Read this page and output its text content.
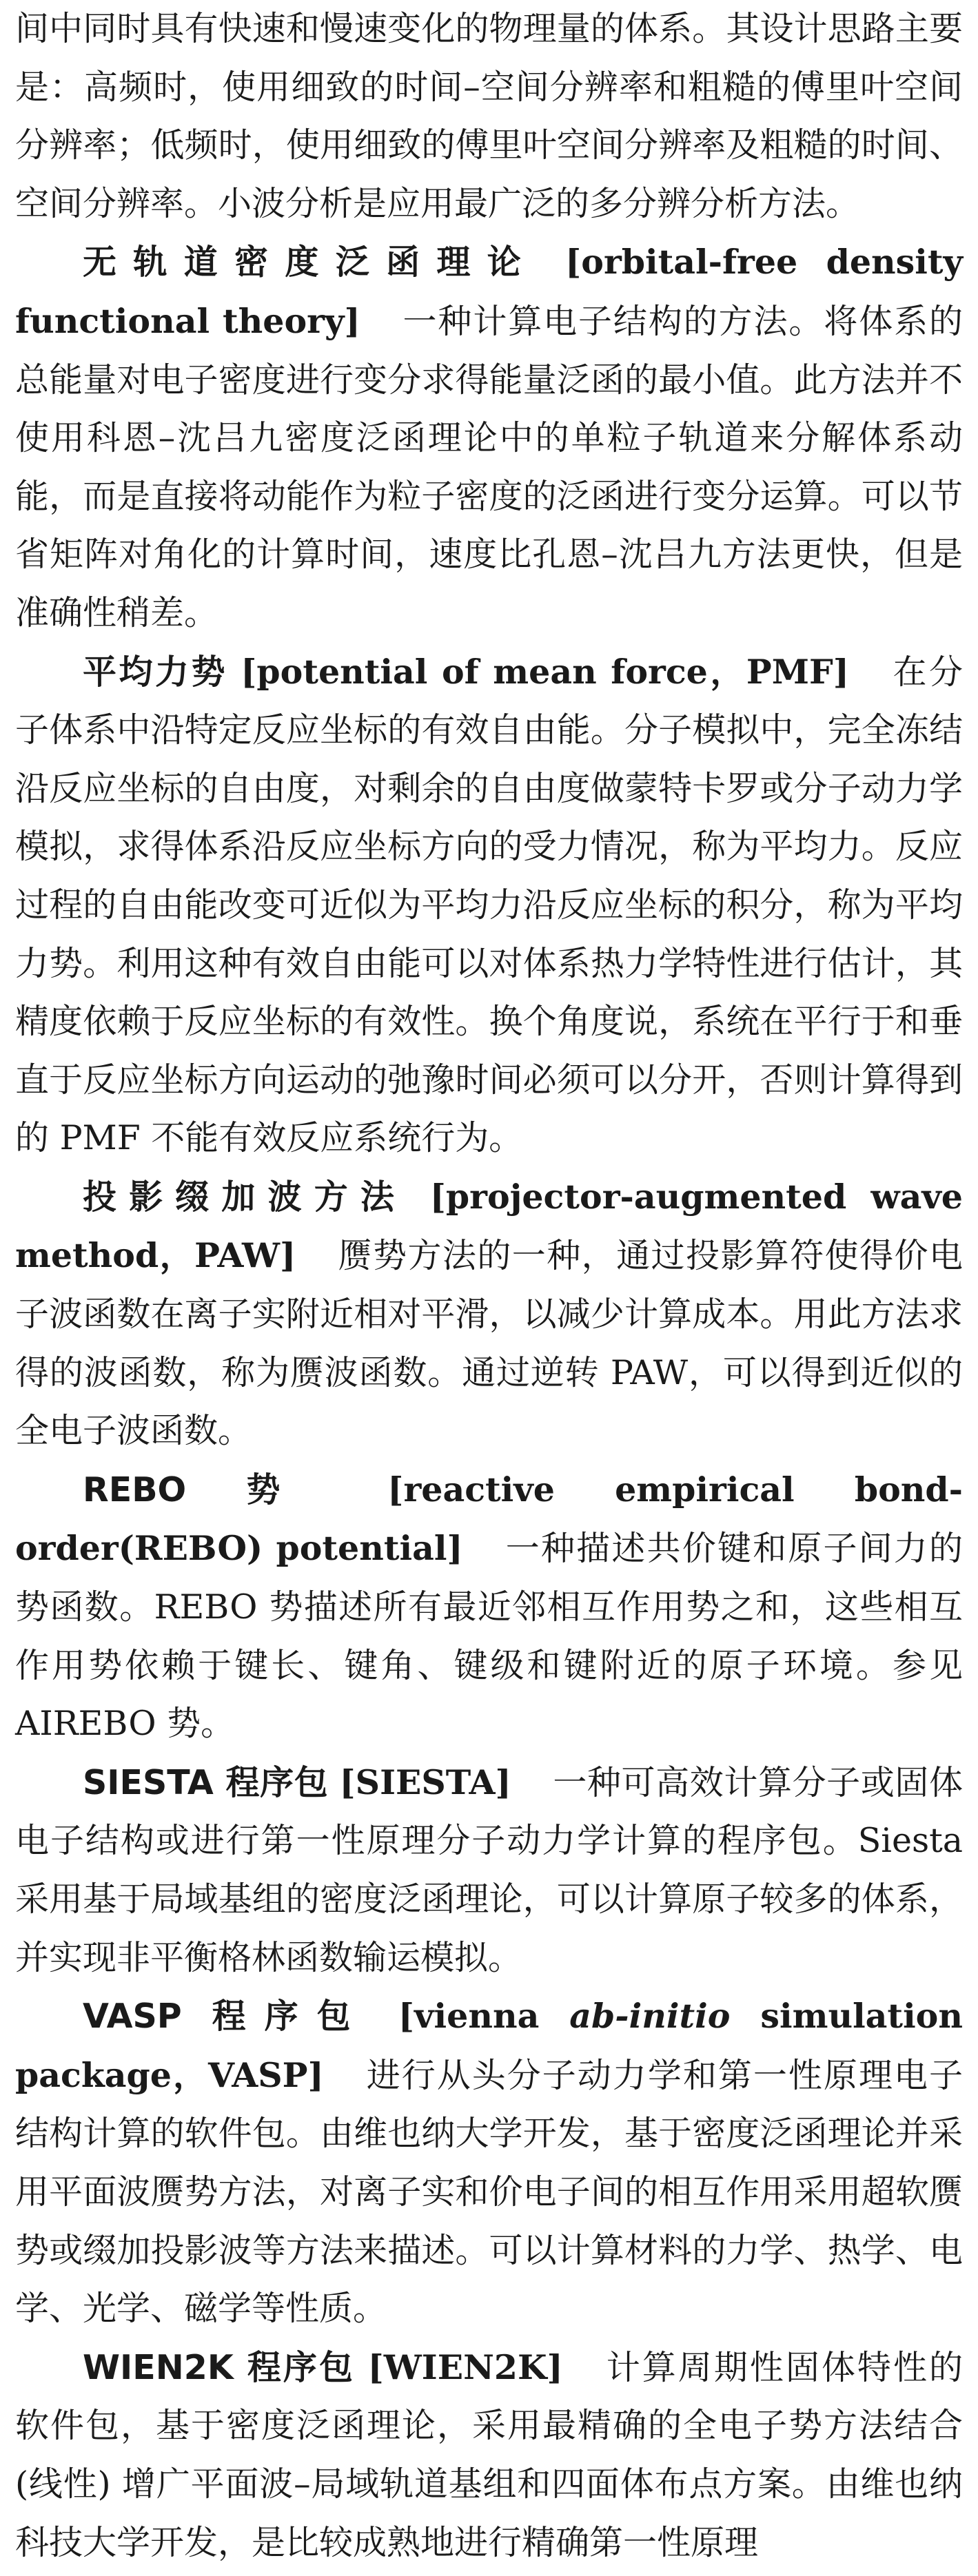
间中同时具有快速和慢速变化的物理量的体系。其设计思路主要是：高频时，使用细致的时间–空间分辨率和粗糙的傅里叶空间分辨率；低频时，使用细致的傅里叶空间分辨率及粗糙的时间、空间分辨率。小波分析是应用最广泛的多分辨分析方法。

无轨道密度泛函理论 [orbital-free density functional theory] 一种计算电子结构的方法。将体系的总能量对电子密度进行变分求得能量泛函的最小值。此方法并不使用科恩–沈吕九密度泛函理论中的单粒子轨道来分解体系动能，而是直接将动能作为粒子密度的泛函进行变分运算。可以节省矩阵对角化的计算时间，速度比孔恩–沈吕九方法更快，但是准确性稍差。

平均力势 [potential of mean force，PMF] 在分子体系中沿特定反应坐标的有效自由能。分子模拟中，完全冻结沿反应坐标的自由度，对剩余的自由度做蒙特卡罗或分子动力学模拟，求得体系沿反应坐标方向的受力情况，称为平均力。反应过程的自由能改变可近似为平均力沿反应坐标的积分，称为平均力势。利用这种有效自由能可以对体系热力学特性进行估计，其精度依赖于反应坐标的有效性。换个角度说，系统在平行于和垂直于反应坐标方向运动的弛豫时间必须可以分开，否则计算得到的 PMF 不能有效反应系统行为。

投影缀加波方法 [projector-augmented wave method，PAW] 赝势方法的一种，通过投影算符使得价电子波函数在离子实附近相对平滑，以减少计算成本。用此方法求得的波函数，称为赝波函数。通过逆转 PAW，可以得到近似的全电子波函数。

REBO 势 [reactive empirical bond-order(REBO) potential] 一种描述共价键和原子间力的势函数。REBO 势描述所有最近邻相互作用势之和，这些相互作用势依赖于键长、键角、键级和键附近的原子环境。参见AIREBO 势。

SIESTA 程序包 [SIESTA] 一种可高效计算分子或固体电子结构或进行第一性原理分子动力学计算的程序包。Siesta 采用基于局域基组的密度泛函理论，可以计算原子较多的体系，并实现非平衡格林函数输运模拟。

VASP 程序包 [vienna ab-initio simulation package，VASP] 进行从头分子动力学和第一性原理电子结构计算的软件包。由维也纳大学开发，基于密度泛函理论并采用平面波赝势方法，对离子实和价电子间的相互作用采用超软赝势或缀加投影波等方法来描述。可以计算材料的力学、热学、电学、光学、磁学等性质。

WIEN2K 程序包 [WIEN2K] 计算周期性固体特性的软件包，基于密度泛函理论，采用最精确的全电子势方法结合 (线性) 增广平面波–局域轨道基组和四面体布点方案。由维也纳科技大学开发，是比较成熟地进行精确第一性原理
